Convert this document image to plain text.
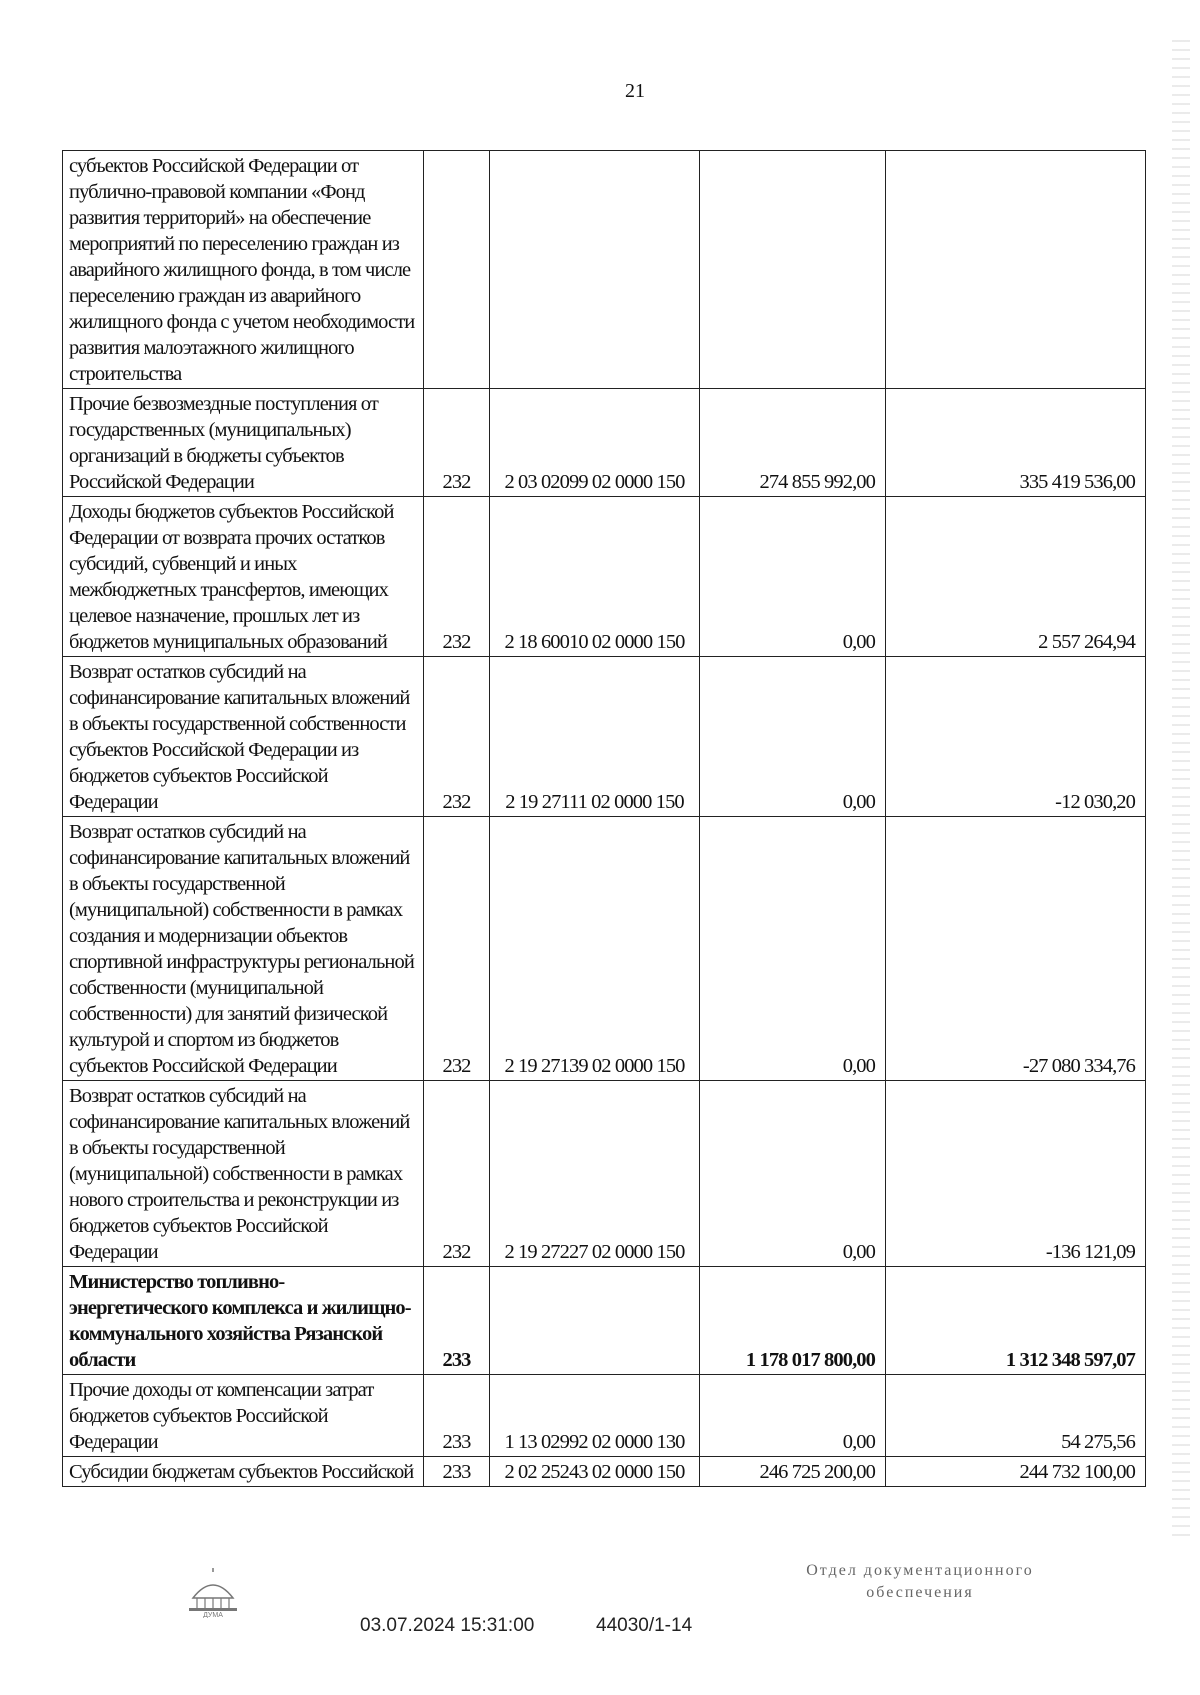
21
субъектов Российской Федерации от публично-правовой компании «Фонд развития территорий» на обеспечение мероприятий по переселению граждан из аварийного жилищного фонда, в том числе переселению граждан из аварийного жилищного фонда с учетом необходимости развития малоэтажного жилищного строительства				
Прочие безвозмездные поступления от государственных (муниципальных) организаций в бюджеты субъектов Российской Федерации	232	2 03 02099 02 0000 150	274 855 992,00	335 419 536,00
Доходы бюджетов субъектов Российской Федерации от возврата прочих остатков субсидий, субвенций и иных межбюджетных трансфертов, имеющих целевое назначение, прошлых лет из бюджетов муниципальных образований	232	2 18 60010 02 0000 150	0,00	2 557 264,94
Возврат остатков субсидий на софинансирование капитальных вложений в объекты государственной собственности субъектов Российской Федерации из бюджетов субъектов Российской Федерации	232	2 19 27111 02 0000 150	0,00	-12 030,20
Возврат остатков субсидий на софинансирование капитальных вложений в объекты государственной (муниципальной) собственности в рамках создания и модернизации объектов спортивной инфраструктуры региональной собственности (муниципальной собственности) для занятий физической культурой и спортом из бюджетов субъектов Российской Федерации	232	2 19 27139 02 0000 150	0,00	-27 080 334,76
Возврат остатков субсидий на софинансирование капитальных вложений в объекты государственной (муниципальной) собственности в рамках нового строительства и реконструкции из бюджетов субъектов Российской Федерации	232	2 19 27227 02 0000 150	0,00	-136 121,09
Министерство топливно-энергетического комплекса и жилищно-коммунального хозяйства Рязанской области	233		1 178 017 800,00	1 312 348 597,07
Прочие доходы от компенсации затрат бюджетов субъектов Российской Федерации	233	1 13 02992 02 0000 130	0,00	54 275,56
Субсидии бюджетам субъектов Российской	233	2 02 25243 02 0000 150	246 725 200,00	244 732 100,00
ДУМА	03.07.2024 15:31:00	44030/1-14
Отдел документационного
обеспечения
